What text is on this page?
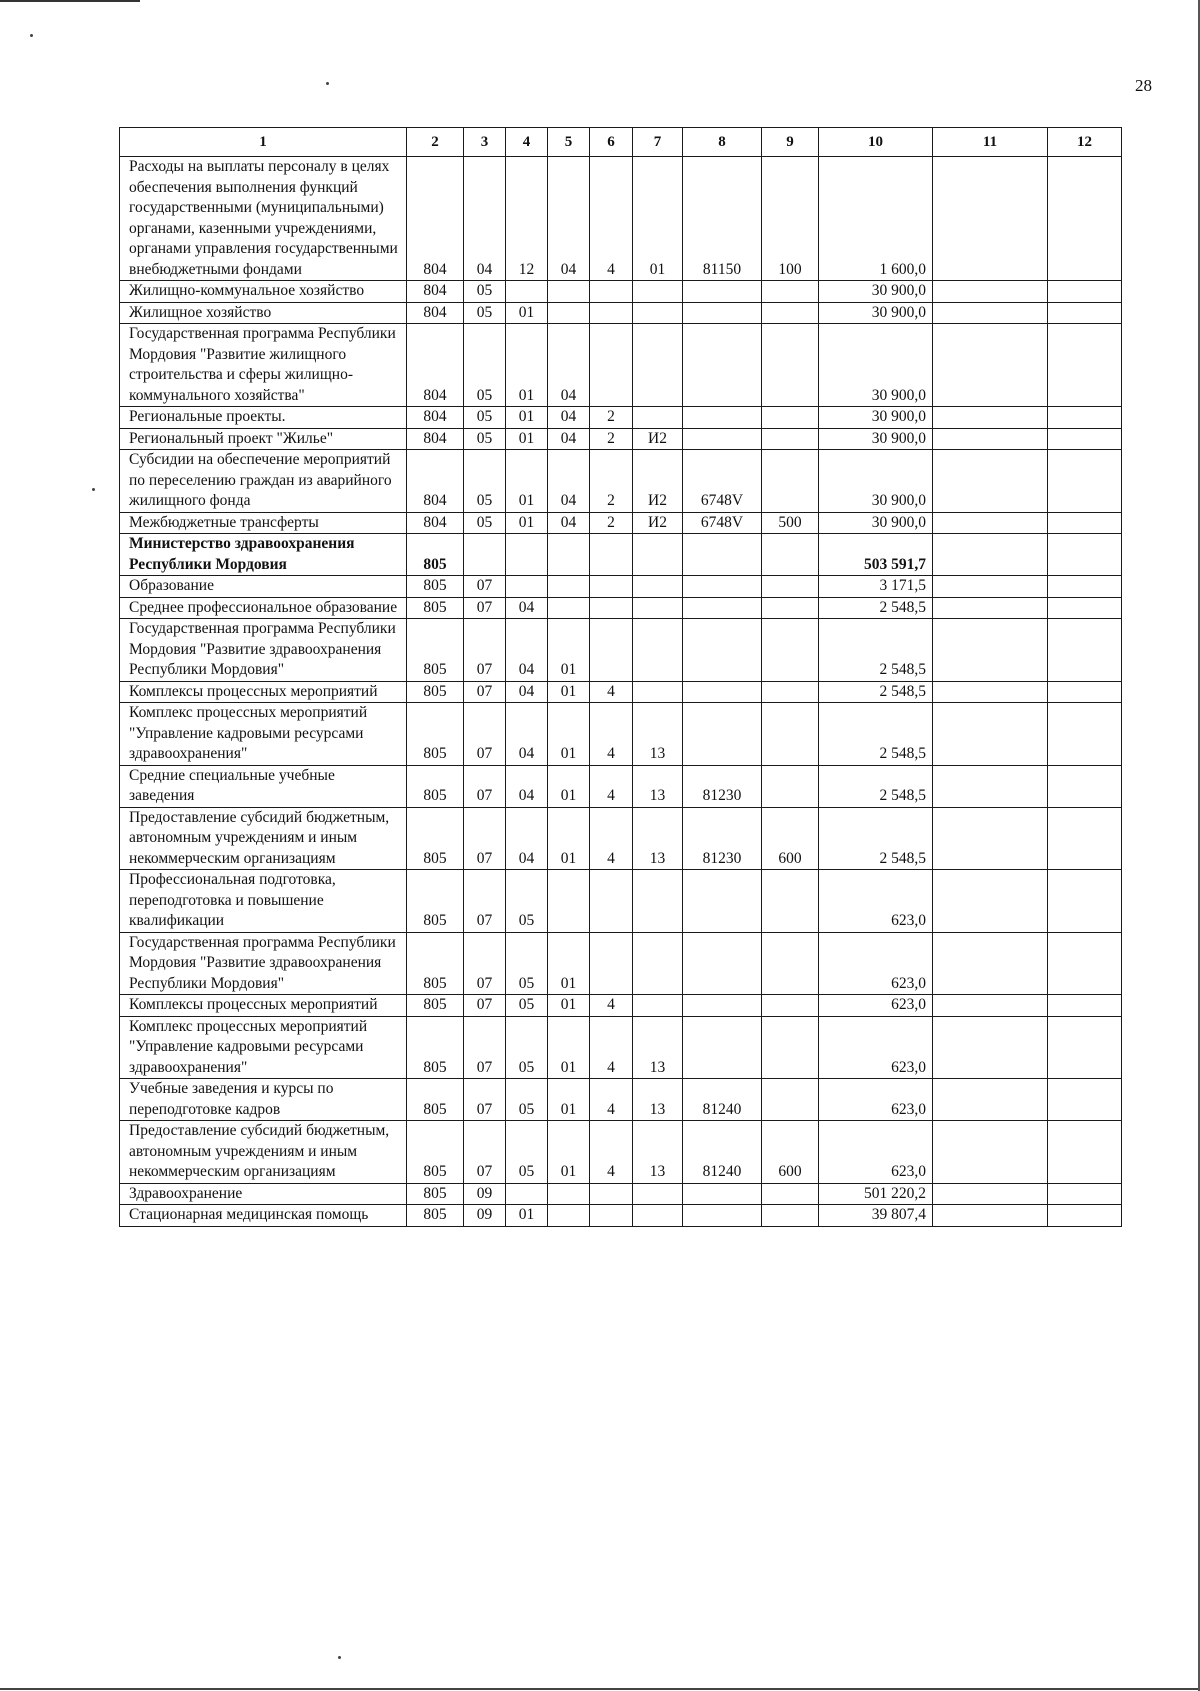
28
1	2	3	4	5	6	7	8	9	10	11	12
Расходы на выплаты персоналу в целях обеспечения выполнения функций государственными (муниципальными) органами, казенными учреждениями, органами управления государственными внебюджетными фондами	804	04	12	04	4	01	81150	100	1 600,0		
Жилищно-коммунальное хозяйство	804	05							30 900,0		
Жилищное хозяйство	804	05	01						30 900,0		
Государственная программа Республики Мордовия "Развитие жилищного строительства и сферы жилищно-коммунального хозяйства"	804	05	01	04					30 900,0		
Региональные проекты.	804	05	01	04	2				30 900,0		
Региональный проект "Жилье"	804	05	01	04	2	И2			30 900,0		
Субсидии на обеспечение мероприятий по переселению граждан из аварийного жилищного фонда	804	05	01	04	2	И2	6748V		30 900,0		
Межбюджетные трансферты	804	05	01	04	2	И2	6748V	500	30 900,0		
Министерство здравоохранения Республики Мордовия	805								503 591,7		
Образование	805	07							3 171,5		
Среднее профессиональное образование	805	07	04						2 548,5		
Государственная программа Республики Мордовия "Развитие здравоохранения Республики Мордовия"	805	07	04	01					2 548,5		
Комплексы процессных мероприятий	805	07	04	01	4				2 548,5		
Комплекс процессных мероприятий "Управление кадровыми ресурсами здравоохранения"	805	07	04	01	4	13			2 548,5		
Средние специальные учебные заведения	805	07	04	01	4	13	81230		2 548,5		
Предоставление субсидий бюджетным, автономным учреждениям и иным некоммерческим организациям	805	07	04	01	4	13	81230	600	2 548,5		
Профессиональная подготовка, переподготовка и повышение квалификации	805	07	05						623,0		
Государственная программа Республики Мордовия "Развитие здравоохранения Республики Мордовия"	805	07	05	01					623,0		
Комплексы процессных мероприятий	805	07	05	01	4				623,0		
Комплекс процессных мероприятий "Управление кадровыми ресурсами здравоохранения"	805	07	05	01	4	13			623,0		
Учебные заведения и курсы по переподготовке кадров	805	07	05	01	4	13	81240		623,0		
Предоставление субсидий бюджетным, автономным учреждениям и иным некоммерческим организациям	805	07	05	01	4	13	81240	600	623,0		
Здравоохранение	805	09							501 220,2		
Стационарная медицинская помощь	805	09	01						39 807,4		
